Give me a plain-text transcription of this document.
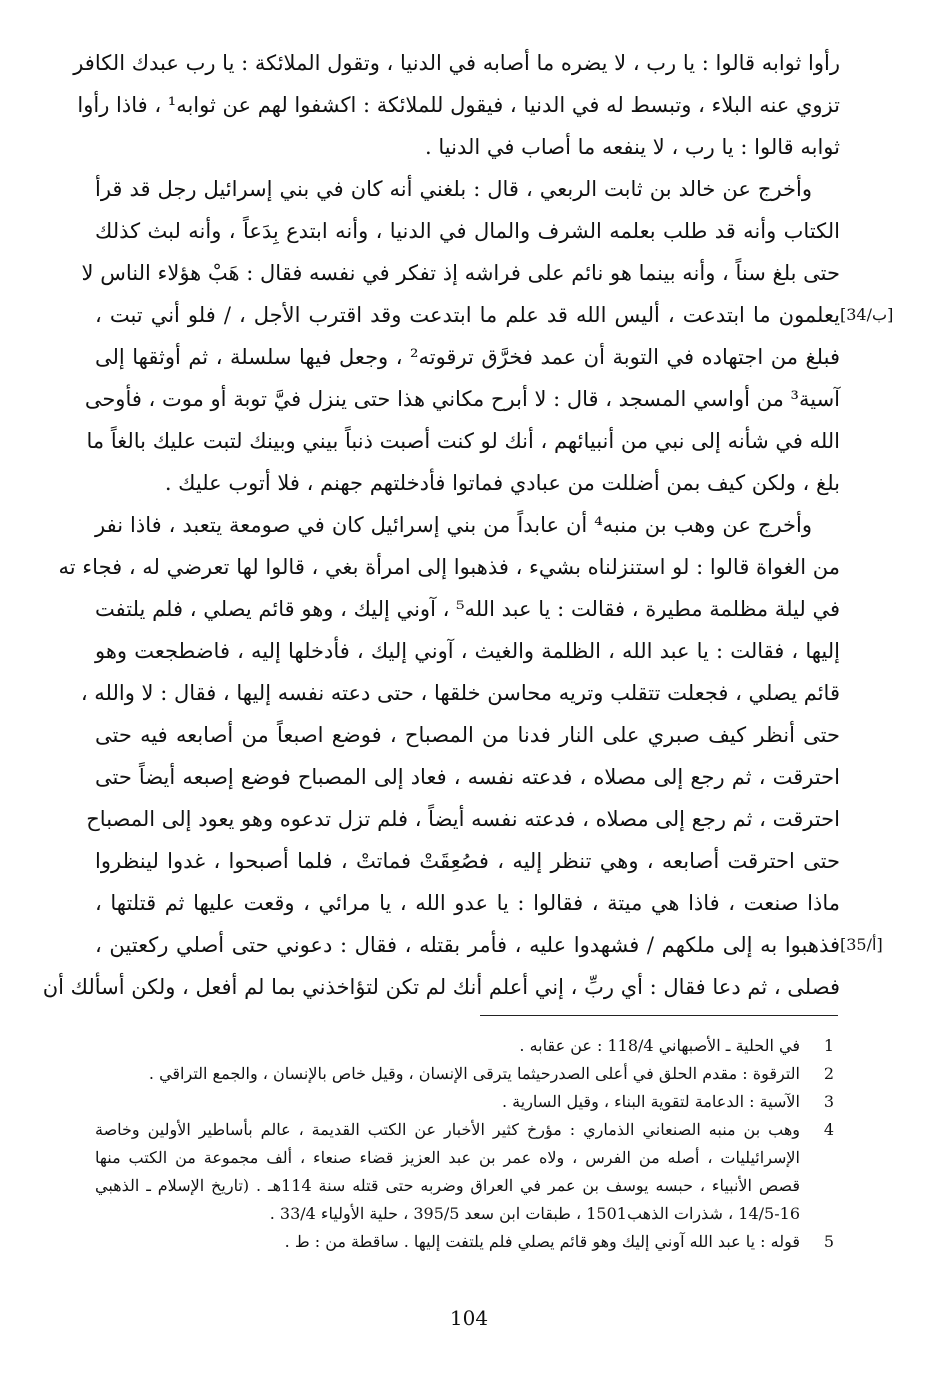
رأوا ثوابه قالوا : يا رب ، لا يضره ما أصابه في الدنيا ، وتقول الملائكة : يا رب عبدك الكافر
تزوي عنه البلاء ، وتبسط له في الدنيا ، فيقول للملائكة : اكشفوا لهم عن ثوابه¹ ، فاذا رأوا
ثوابه قالوا : يا رب ، لا ينفعه ما أصاب في الدنيا .
وأخرج عن خالد بن ثابت الربعي ، قال : بلغني أنه كان في بني إسرائيل رجل قد قرأ
الكتاب وأنه قد طلب بعلمه الشرف والمال في الدنيا ، وأنه ابتدع بِدَعاً ، وأنه لبث كذلك
حتى بلغ سناً ، وأنه بينما هو نائم على فراشه إذ تفكر في نفسه فقال : هَبْ هؤلاء الناس لا
يعلمون ما ابتدعت ، أليس الله قد علم ما ابتدعت وقد اقترب الأجل ، / فلو أني تبت ،
فبلغ من اجتهاده في التوبة أن عمد فخرَّق ترقوته² ، وجعل فيها سلسلة ، ثم أوثقها إلى
آسية³ من أواسي المسجد ، قال : لا أبرح مكاني هذا حتى ينزل فيَّ توبة أو موت ، فأوحى
الله في شأنه إلى نبي من أنبيائهم ، أنك لو كنت أصبت ذنباً بيني وبينك لتبت عليك بالغاً ما
بلغ ، ولكن كيف بمن أضللت من عبادي فماتوا فأدخلتهم جهنم ، فلا أتوب عليك .
وأخرج عن وهب بن منبه⁴ أن عابداً من بني إسرائيل كان في صومعة يتعبد ، فاذا نفر
من الغواة قالوا : لو استنزلناه بشيء ، فذهبوا إلى امرأة بغي ، قالوا لها تعرضي له ، فجاء ته
في ليلة مظلمة مطيرة ، فقالت : يا عبد الله⁵ ، آوني إليك ، وهو قائم يصلي ، فلم يلتفت
إليها ، فقالت : يا عبد الله ، الظلمة والغيث ، آوني إليك ، فأدخلها إليه ، فاضطجعت وهو
قائم يصلي ، فجعلت تتقلب وتريه محاسن خلقها ، حتى دعته نفسه إليها ، فقال : لا والله ،
حتى أنظر كيف صبري على النار فدنا من المصباح ، فوضع اصبعاً من أصابعه فيه حتى
احترقت ، ثم رجع إلى مصلاه ، فدعته نفسه ، فعاد إلى المصباح فوضع إصبعه أيضاً حتى
احترقت ، ثم رجع إلى مصلاه ، فدعته نفسه أيضاً ، فلم تزل تدعوه وهو يعود إلى المصباح
حتى احترقت أصابعه ، وهي تنظر إليه ، فصُعِقَتْ فماتتْ ، فلما أصبحوا ، غدوا لينظروا
ماذا صنعت ، فاذا هي ميتة ، فقالوا : يا عدو الله ، يا مرائي ، وقعت عليها ثم قتلتها ،
فذهبوا به إلى ملكهم / فشهدوا عليه ، فأمر بقتله ، فقال : دعوني حتى أصلي ركعتين ،
فصلى ، ثم دعا فقال : أي ربِّ ، إني أعلم أنك لم تكن لتؤاخذني بما لم أفعل ، ولكن أسألك أن
[34/ب]
[35/أ]
1
في الحلية ـ الأصبهاني 118/4 : عن عقابه .
2
الترقوة : مقدم الحلق في أعلى الصدرحيثما يترقى الإنسان ، وقيل خاص بالإنسان ، والجمع التراقي .
3
الآسية : الدعامة لتقوية البناء ، وقيل السارية .
4
وهب بن منبه الصنعاني الذماري : مؤرخ كثير الأخبار عن الكتب القديمة ، عالم بأساطير الأولين وخاصة
الإسرائيليات ، أصله من الفرس ، ولاه عمر بن عبد العزيز قضاء صنعاء ، ألف مجموعة من الكتب منها
قصص الأنبياء ، حبسه يوسف بن عمر في العراق وضربه حتى قتله سنة 114هـ . (تاريخ الإسلام ـ الذهبي
14/5-16 ، شذرات الذهب1501 ، طبقات ابن سعد 395/5 ، حلية الأولياء 33/4 .
5
قوله : يا عبد الله آوني إليك وهو قائم يصلي فلم يلتفت إليها . ساقطة من : ط .
104
